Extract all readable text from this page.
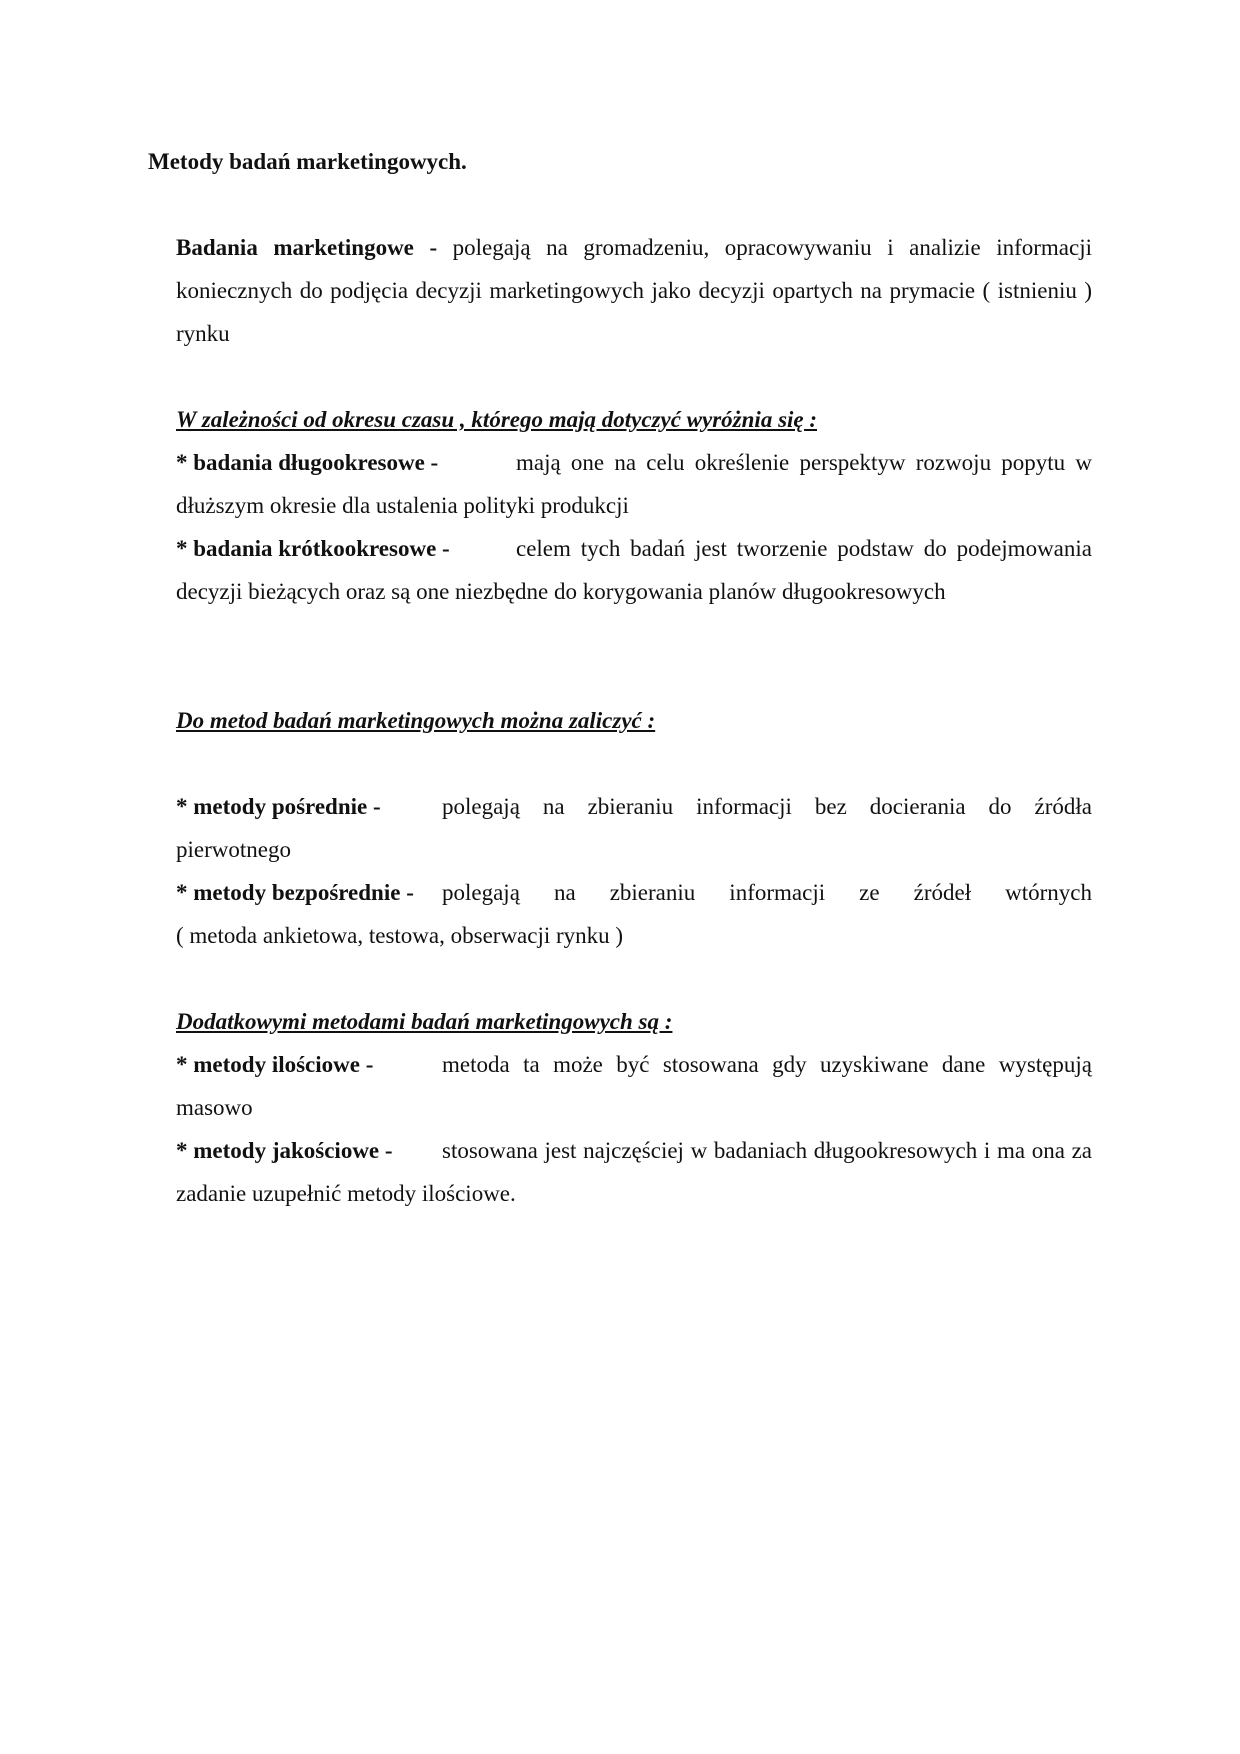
Metody badań marketingowych.
Badania marketingowe - polegają na gromadzeniu, opracowywaniu i analizie informacji koniecznych do podjęcia decyzji marketingowych jako decyzji opartych na prymacie ( istnieniu ) rynku
W zależności od okresu czasu , którego mają dotyczyć wyróżnia się :
* badania długookresowe -	mają one na celu określenie perspektyw rozwoju popytu w dłuższym okresie dla ustalenia polityki produkcji
* badania krótkookresowe -	celem tych badań jest tworzenie podstaw do podejmowania decyzji bieżących oraz są one niezbędne do korygowania planów długookresowych
Do metod badań marketingowych można zaliczyć :
* metody pośrednie -	polegają na zbieraniu informacji bez docierania do źródła pierwotnego
* metody bezpośrednie -	polegają na zbieraniu informacji ze źródeł wtórnych
( metoda ankietowa, testowa, obserwacji rynku )
Dodatkowymi metodami badań marketingowych są :
* metody ilościowe -	metoda ta może być stosowana gdy uzyskiwane dane występują masowo
* metody jakościowe - stosowana jest najczęściej w badaniach długookresowych i ma ona za zadanie uzupełnić metody ilościowe.
